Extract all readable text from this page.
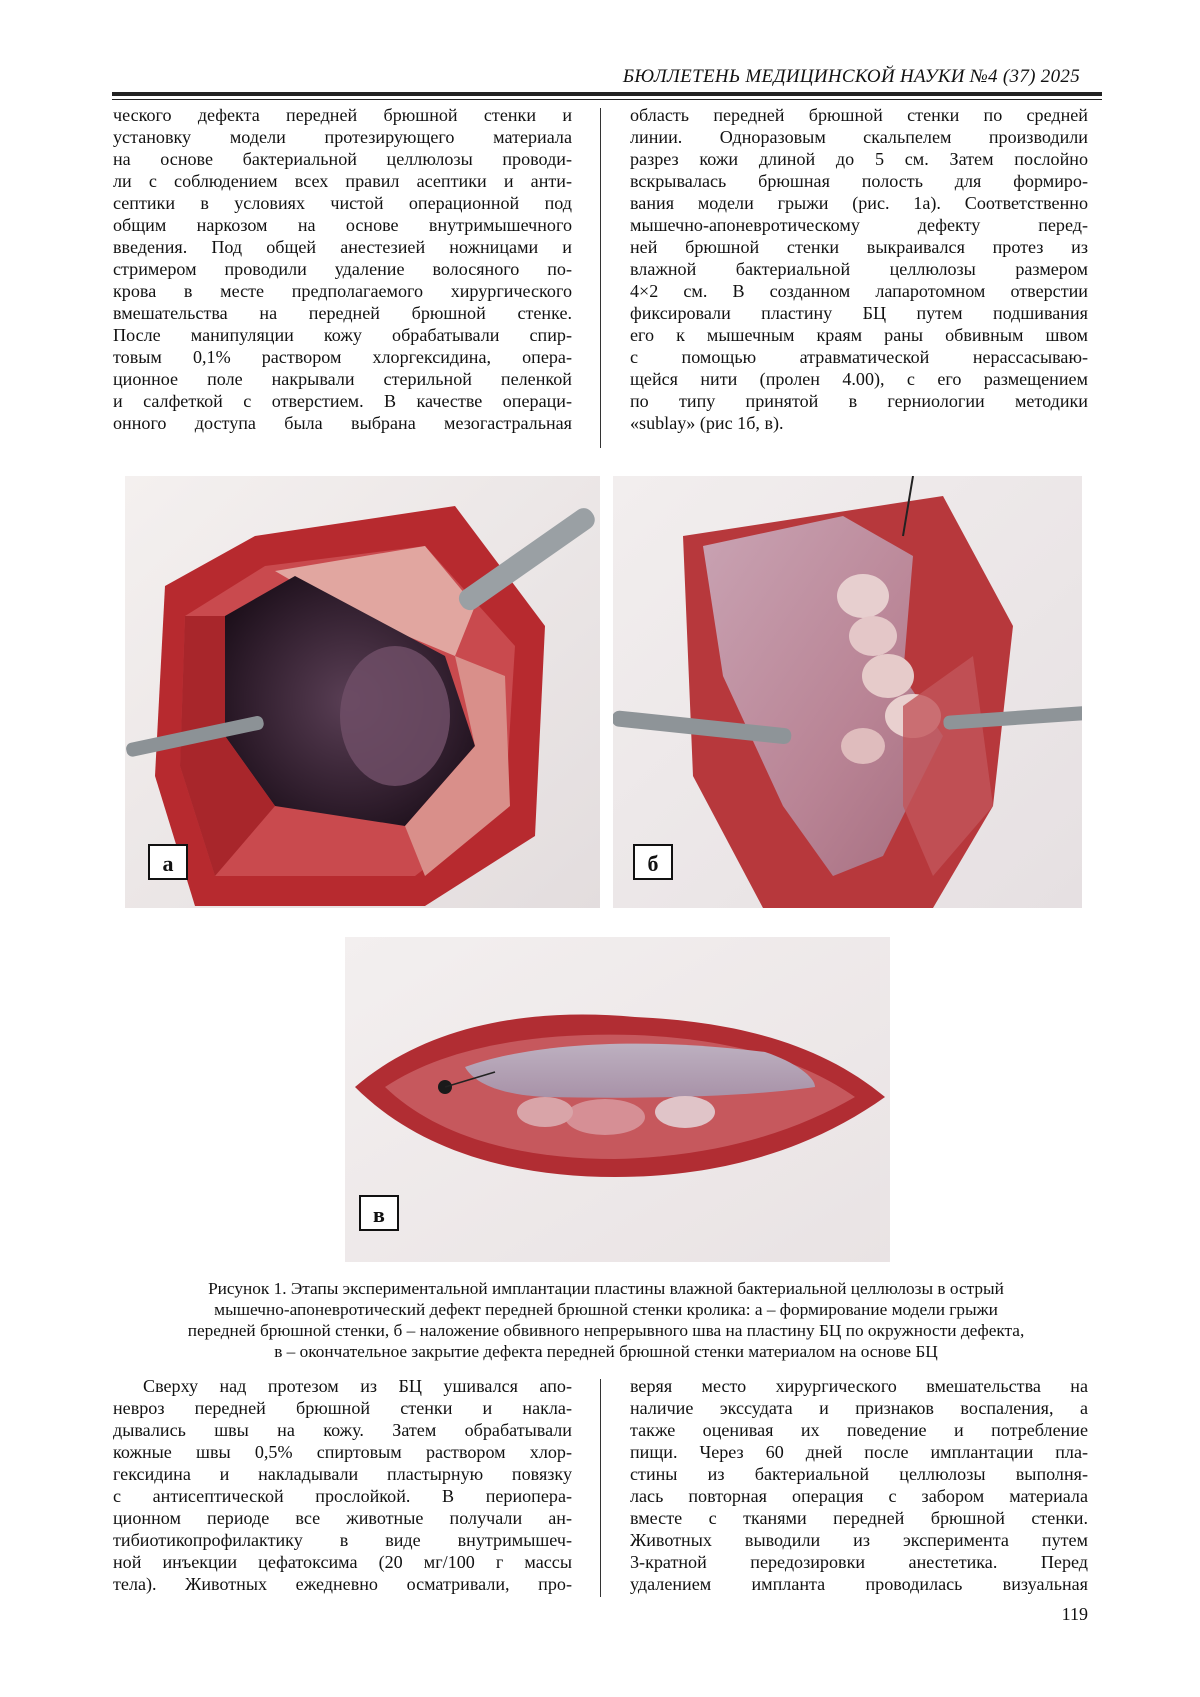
БЮЛЛЕТЕНЬ МЕДИЦИНСКОЙ НАУКИ №4 (37) 2025

ческого дефекта передней брюшной стенки и

установку модели протезирующего материала

на основе бактериальной целлюлозы проводи-

ли с соблюдением всех правил асептики и анти-

септики в условиях чистой операционной под

общим наркозом на основе внутримышечного

введения. Под общей анестезией ножницами и

стримером проводили удаление волосяного по-

крова в месте предполагаемого хирургического

вмешательства на передней брюшной стенке.

После манипуляции кожу обрабатывали спир-

товым 0,1% раствором хлоргексидина, опера-

ционное поле накрывали стерильной пеленкой

и салфеткой с отверстием. В качестве операци-

онного доступа была выбрана мезогастральная

область передней брюшной стенки по средней

линии. Одноразовым скальпелем производили

разрез кожи длиной до 5 см. Затем послойно

вскрывалась брюшная полость для формиро-

вания модели грыжи (рис. 1а). Соответственно

мышечно-апоневротическому дефекту перед-

ней брюшной стенки выкраивался протез из

влажной бактериальной целлюлозы размером

4×2 см. В созданном лапаротомном отверстии

фиксировали пластину БЦ путем подшивания

его к мышечным краям раны обвивным швом

с помощью атравматической нерассасываю-

щейся нити (пролен 4.00), с его размещением

по типу принятой в герниологии методики

«sublay» (рис 1б, в).

а	б
в
Рисунок 1. Этапы экспериментальной имплантации пластины влажной бактериальной целлюлозы в острый
мышечно-апоневротический дефект передней брюшной стенки кролика: а – формирование модели грыжи
передней брюшной стенки, б – наложение обвивного непрерывного шва на пластину БЦ по окружности дефекта,
в – окончательное закрытие дефекта передней брюшной стенки материалом на основе БЦ

Сверху над протезом из БЦ ушивался апо-

невроз передней брюшной стенки и накла-

дывались швы на кожу. Затем обрабатывали

кожные швы 0,5% спиртовым раствором хлор-

гексидина и накладывали пластырную повязку

с антисептической прослойкой. В периопера-

ционном периоде все животные получали ан-

тибиотикопрофилактику в виде внутримышеч-

ной инъекции цефатоксима (20 мг/100 г массы

тела). Животных ежедневно осматривали, про-

веряя место хирургического вмешательства на

наличие экссудата и признаков воспаления, а

также оценивая их поведение и потребление

пищи. Через 60 дней после имплантации пла-

стины из бактериальной целлюлозы выполня-

лась повторная операция с забором материала

вместе с тканями передней брюшной стенки.

Животных выводили из эксперимента путем

3-кратной передозировки анестетика. Перед

удалением импланта проводилась визуальная

119
